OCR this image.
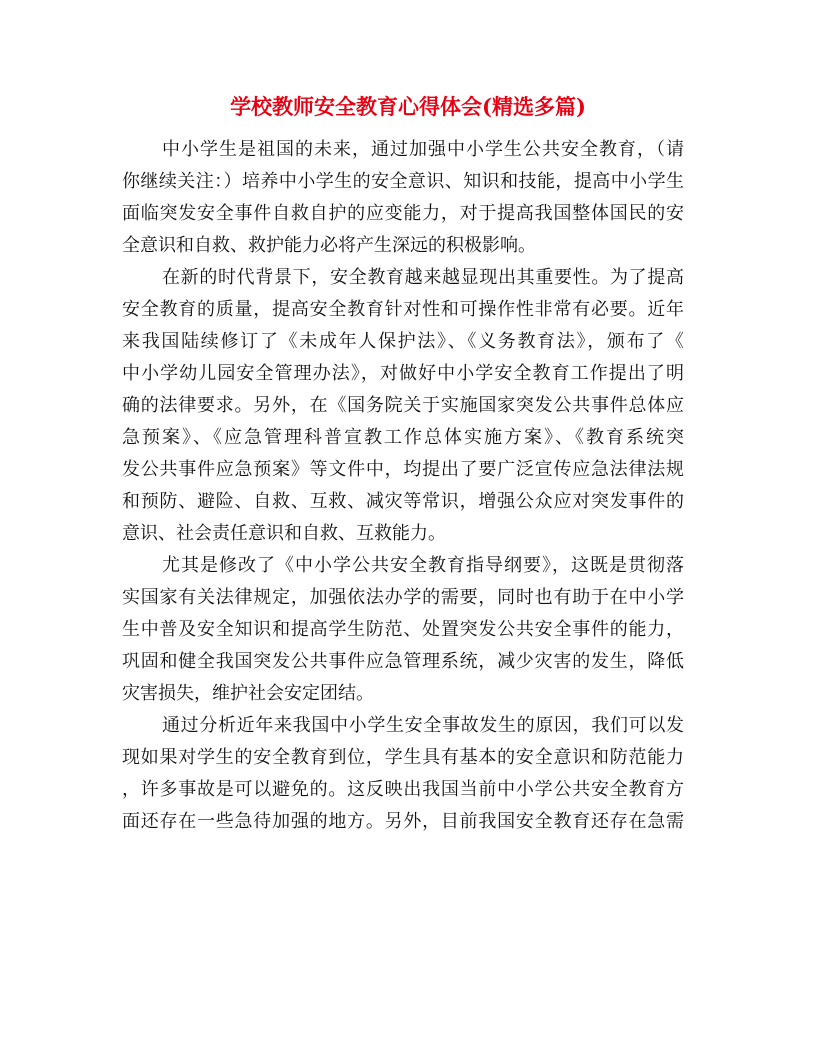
学校教师安全教育心得体会(精选多篇)
中小学生是祖国的未来，通过加强中小学生公共安全教育，（请
你继续关注：）培养中小学生的安全意识、知识和技能，提高中小学生
面临突发安全事件自救自护的应变能力，对于提高我国整体国民的安
全意识和自救、救护能力必将产生深远的积极影响。
在新的时代背景下，安全教育越来越显现出其重要性。为了提高
安全教育的质量，提高安全教育针对性和可操作性非常有必要。近年
来我国陆续修订了《未成年人保护法》、《义务教育法》，颁布了《
中小学幼儿园安全管理办法》，对做好中小学安全教育工作提出了明
确的法律要求。另外，在《国务院关于实施国家突发公共事件总体应
急预案》、《应急管理科普宣教工作总体实施方案》、《教育系统突
发公共事件应急预案》等文件中，均提出了要广泛宣传应急法律法规
和预防、避险、自救、互救、减灾等常识，增强公众应对突发事件的
意识、社会责任意识和自救、互救能力。
尤其是修改了《中小学公共安全教育指导纲要》，这既是贯彻落
实国家有关法律规定，加强依法办学的需要，同时也有助于在中小学
生中普及安全知识和提高学生防范、处置突发公共安全事件的能力，
巩固和健全我国突发公共事件应急管理系统，减少灾害的发生，降低
灾害损失，维护社会安定团结。
通过分析近年来我国中小学生安全事故发生的原因，我们可以发
现如果对学生的安全教育到位，学生具有基本的安全意识和防范能力
，许多事故是可以避免的。这反映出我国当前中小学公共安全教育方
面还存在一些急待加强的地方。另外，目前我国安全教育还存在急需
